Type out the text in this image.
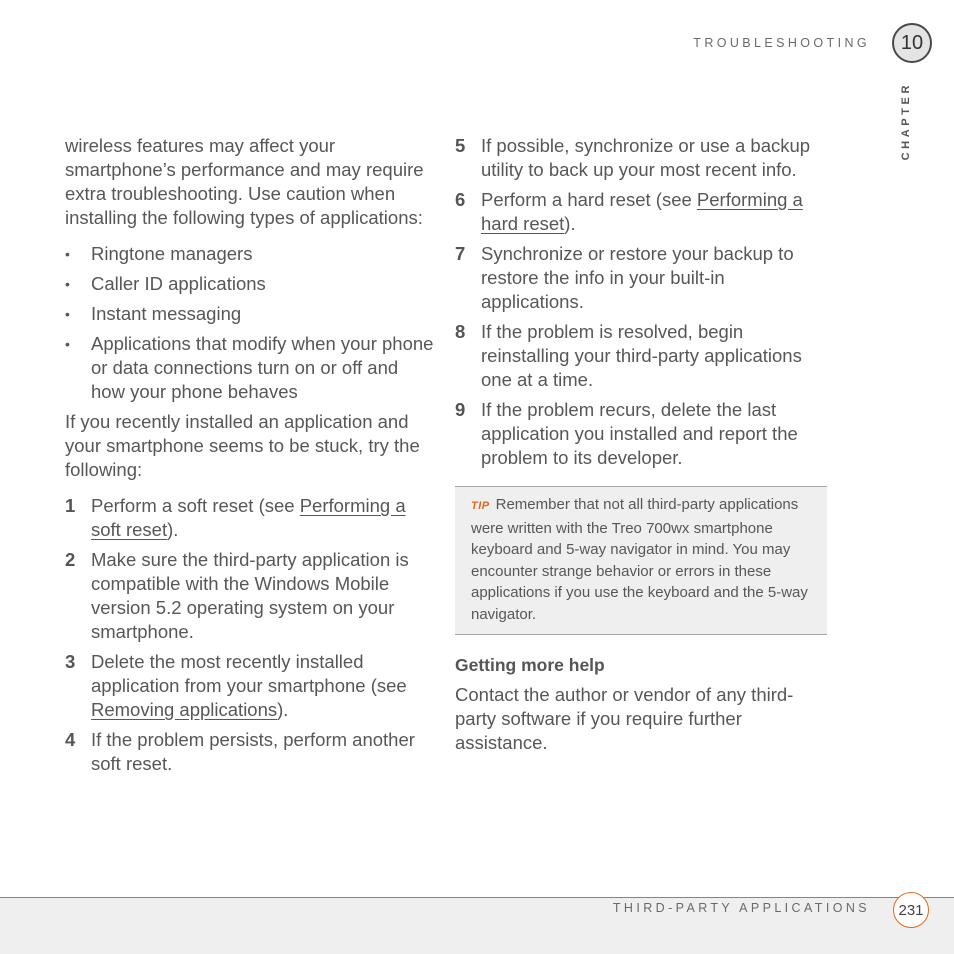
TROUBLESHOOTING	10
CHAPTER

wireless features may affect your smartphone’s performance and may require extra troubleshooting. Use caution when installing the following types of applications:

• Ringtone managers
• Caller ID applications
• Instant messaging
• Applications that modify when your phone or data connections turn on or off and how your phone behaves

If you recently installed an application and your smartphone seems to be stuck, try the following:

1 Perform a soft reset (see Performing a soft reset).
2 Make sure the third-party application is compatible with the Windows Mobile version 5.2 operating system on your smartphone.
3 Delete the most recently installed application from your smartphone (see Removing applications).
4 If the problem persists, perform another soft reset.
5 If possible, synchronize or use a backup utility to back up your most recent info.
6 Perform a hard reset (see Performing a hard reset).
7 Synchronize or restore your backup to restore the info in your built-in applications.
8 If the problem is resolved, begin reinstalling your third-party applications one at a time.
9 If the problem recurs, delete the last application you installed and report the problem to its developer.
TIP Remember that not all third-party applications were written with the Treo 700wx smartphone keyboard and 5-way navigator in mind. You may encounter strange behavior or errors in these applications if you use the keyboard and the 5-way navigator.
Getting more help

Contact the author or vendor of any third-party software if you require further assistance.

THIRD-PARTY APPLICATIONS	231
